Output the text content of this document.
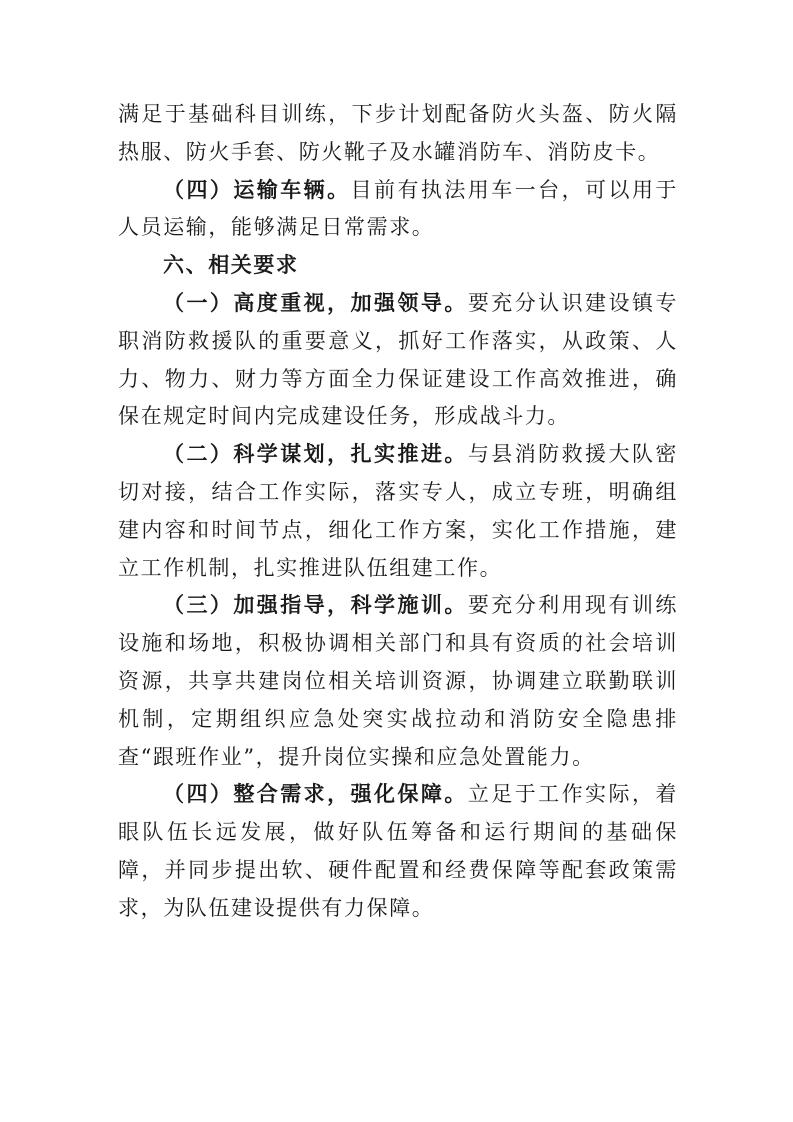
满足于基础科目训练，下步计划配备防火头盔、防火隔热服、防火手套、防火靴子及水罐消防车、消防皮卡。

（四）运输车辆。目前有执法用车一台，可以用于人员运输，能够满足日常需求。

六、相关要求

（一）高度重视，加强领导。要充分认识建设镇专职消防救援队的重要意义，抓好工作落实，从政策、人力、物力、财力等方面全力保证建设工作高效推进，确保在规定时间内完成建设任务，形成战斗力。

（二）科学谋划，扎实推进。与县消防救援大队密切对接，结合工作实际，落实专人，成立专班，明确组建内容和时间节点，细化工作方案，实化工作措施，建立工作机制，扎实推进队伍组建工作。

（三）加强指导，科学施训。要充分利用现有训练设施和场地，积极协调相关部门和具有资质的社会培训资源，共享共建岗位相关培训资源，协调建立联勤联训机制，定期组织应急处突实战拉动和消防安全隐患排查“跟班作业”，提升岗位实操和应急处置能力。

（四）整合需求，强化保障。立足于工作实际，着眼队伍长远发展，做好队伍筹备和运行期间的基础保障，并同步提出软、硬件配置和经费保障等配套政策需求，为队伍建设提供有力保障。
